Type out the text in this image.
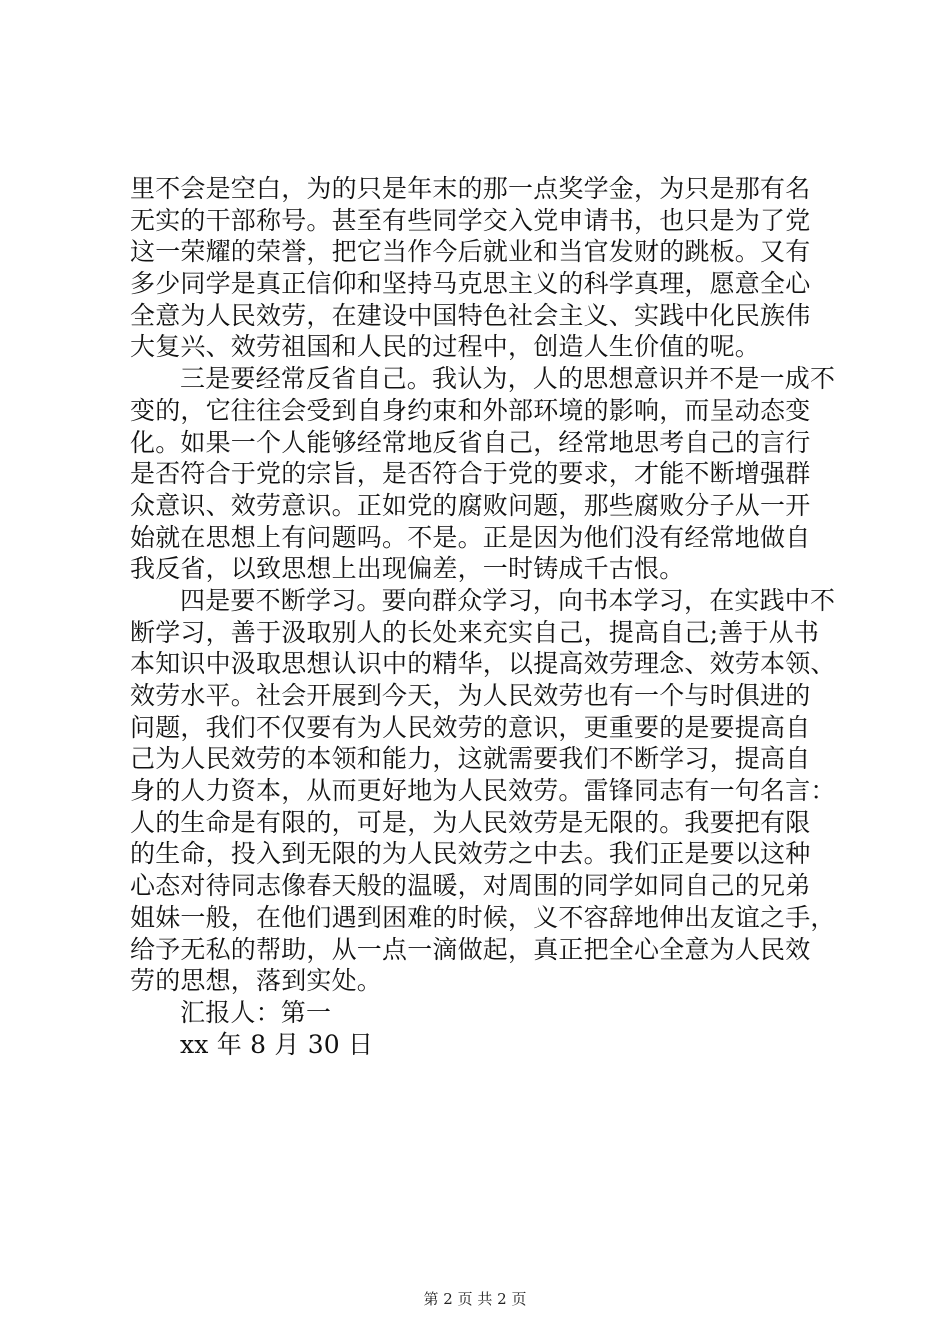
里不会是空白，为的只是年末的那一点奖学金，为只是那有名
无实的干部称号。甚至有些同学交入党申请书，也只是为了党
这一荣耀的荣誉，把它当作今后就业和当官发财的跳板。又有
多少同学是真正信仰和坚持马克思主义的科学真理，愿意全心
全意为人民效劳，在建设中国特色社会主义、实践中化民族伟
大复兴、效劳祖国和人民的过程中，创造人生价值的呢。
三是要经常反省自己。我认为，人的思想意识并不是一成不
变的，它往往会受到自身约束和外部环境的影响，而呈动态变
化。如果一个人能够经常地反省自己，经常地思考自己的言行
是否符合于党的宗旨，是否符合于党的要求，才能不断增强群
众意识、效劳意识。正如党的腐败问题，那些腐败分子从一开
始就在思想上有问题吗。不是。正是因为他们没有经常地做自
我反省，以致思想上出现偏差，一时铸成千古恨。
四是要不断学习。要向群众学习，向书本学习，在实践中不
断学习，善于汲取别人的长处来充实自己，提高自己;善于从书
本知识中汲取思想认识中的精华，以提高效劳理念、效劳本领、
效劳水平。社会开展到今天，为人民效劳也有一个与时俱进的
问题，我们不仅要有为人民效劳的意识，更重要的是要提高自
己为人民效劳的本领和能力，这就需要我们不断学习，提高自
身的人力资本，从而更好地为人民效劳。雷锋同志有一句名言：
人的生命是有限的，可是，为人民效劳是无限的。我要把有限
的生命，投入到无限的为人民效劳之中去。我们正是要以这种
心态对待同志像春天般的温暖，对周围的同学如同自己的兄弟
姐妹一般，在他们遇到困难的时候，义不容辞地伸出友谊之手，
给予无私的帮助，从一点一滴做起，真正把全心全意为人民效
劳的思想，落到实处。
汇报人：第一
xx 年 8 月 30 日
第 2 页 共 2 页
